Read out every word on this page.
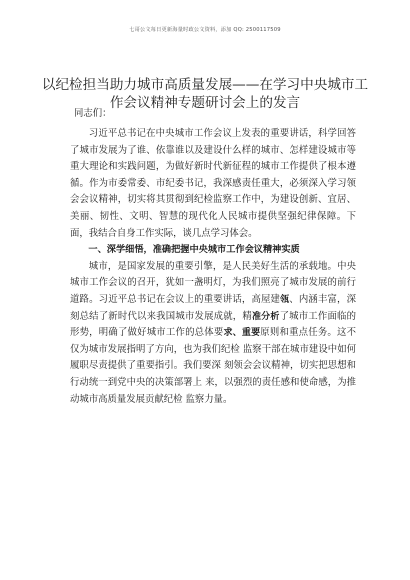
七哥公文每日更新海量时政公文资料，添加 QQ: 2500117509
以纪检担当助力城市高质量发展——在学习中央城市工作会议精神专题研讨会上的发言

同志们：

习近平总书记在中央城市工作会议上发表的重要讲话，科学回答了城市发展为了谁、依靠谁以及建设什么样的城市、怎样建设城市等重大理论和实践问题，为做好新时代新征程的城市工作提供了根本遵循。作为市委常委、市纪委书记，我深感责任重大，必须深入学习领会会议精神，切实将其贯彻到纪检监察工作中，为建设创新、宜居、美丽、韧性、文明、智慧的现代化人民城市提供坚强纪律保障。下面，我结合自身工作实际，谈几点学习体会。

一、深学细悟，准确把握中央城市工作会议精神实质

城市，是国家发展的重要引擎，是人民美好生活的承载地。中央城市工作会议的召开，犹如一盏明灯，为我们照亮了城市发展的前行道路。习近平总书记在会议上的重要讲话，高屋建瓴、内涵丰富，深刻总结了新时代以来我国城市发展成就，精准分析了城市工作面临的形势，明确了做好城市工作的总体要求、重要原则和重点任务。这不仅为城市发展指明了方向，也为我们纪检 监察干部在城市建设中如何履职尽责提供了重要指引。我们要深 刻领会会议精神，切实把思想和行动统一到党中央的决策部署上 来，以强烈的责任感和使命感，为推动城市高质量发展贡献纪检 监察力量。
